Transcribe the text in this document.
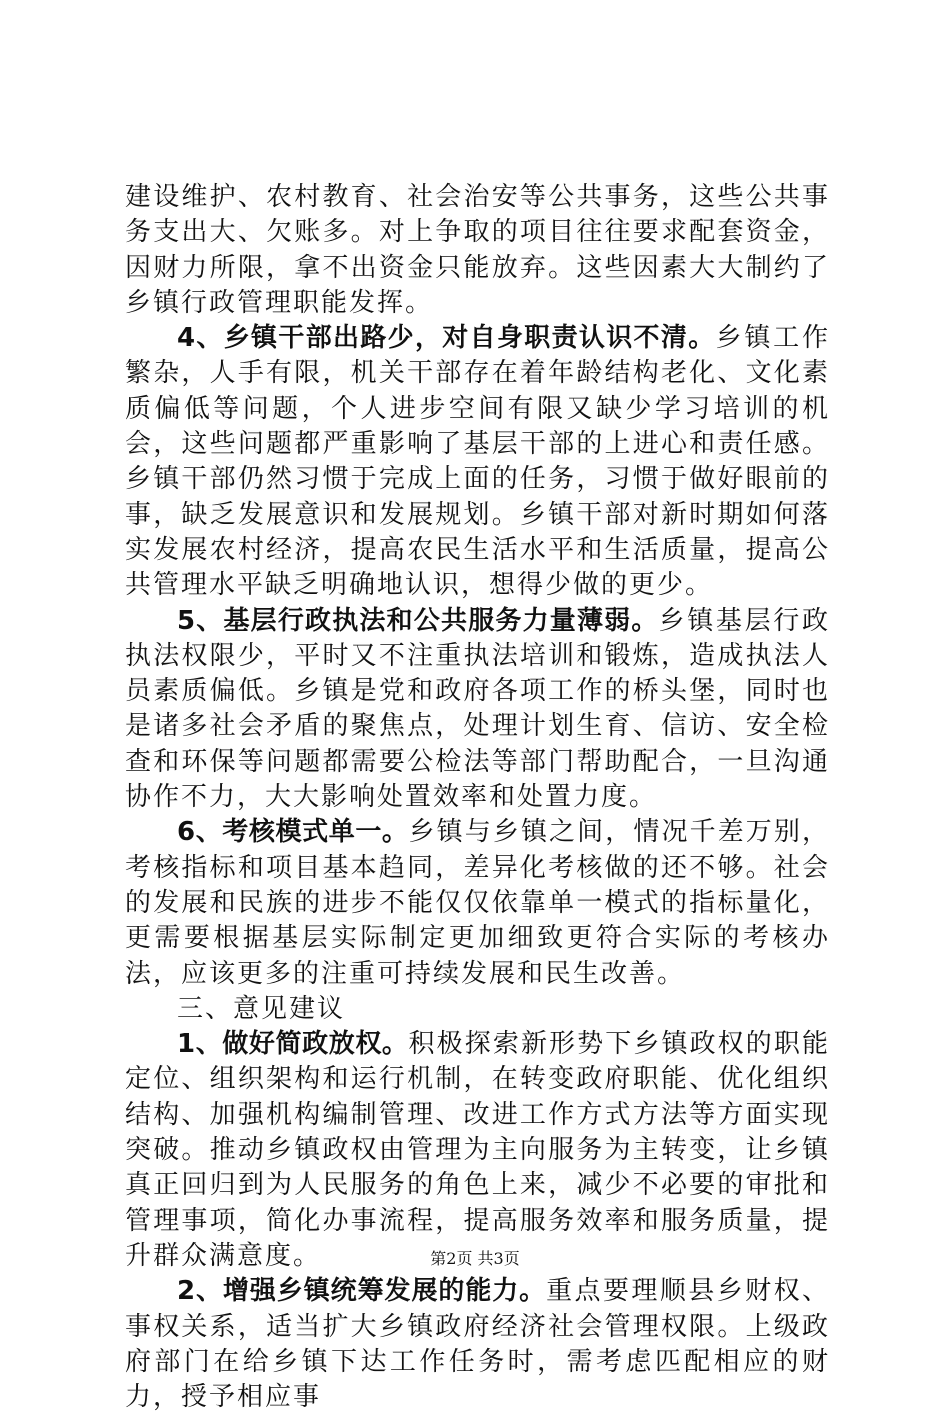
建设维护、农村教育、社会治安等公共事务，这些公共事务支出大、欠账多。对上争取的项目往往要求配套资金，因财力所限，拿不出资金只能放弃。这些因素大大制约了乡镇行政管理职能发挥。

4、乡镇干部出路少，对自身职责认识不清。乡镇工作繁杂，人手有限，机关干部存在着年龄结构老化、文化素质偏低等问题，个人进步空间有限又缺少学习培训的机会，这些问题都严重影响了基层干部的上进心和责任感。乡镇干部仍然习惯于完成上面的任务，习惯于做好眼前的事，缺乏发展意识和发展规划。乡镇干部对新时期如何落实发展农村经济，提高农民生活水平和生活质量，提高公共管理水平缺乏明确地认识，想得少做的更少。

5、基层行政执法和公共服务力量薄弱。乡镇基层行政执法权限少，平时又不注重执法培训和锻炼，造成执法人员素质偏低。乡镇是党和政府各项工作的桥头堡，同时也是诸多社会矛盾的聚焦点，处理计划生育、信访、安全检查和环保等问题都需要公检法等部门帮助配合，一旦沟通协作不力，大大影响处置效率和处置力度。

6、考核模式单一。乡镇与乡镇之间，情况千差万别，考核指标和项目基本趋同，差异化考核做的还不够。社会的发展和民族的进步不能仅仅依靠单一模式的指标量化，更需要根据基层实际制定更加细致更符合实际的考核办法，应该更多的注重可持续发展和民生改善。

三、意见建议

1、做好简政放权。积极探索新形势下乡镇政权的职能定位、组织架构和运行机制，在转变政府职能、优化组织结构、加强机构编制管理、改进工作方式方法等方面实现突破。推动乡镇政权由管理为主向服务为主转变，让乡镇真正回归到为人民服务的角色上来，减少不必要的审批和管理事项，简化办事流程，提高服务效率和服务质量，提升群众满意度。

2、增强乡镇统筹发展的能力。重点要理顺县乡财权、事权关系，适当扩大乡镇政府经济社会管理权限。上级政府部门在给乡镇下达工作任务时，需考虑匹配相应的财力，授予相应事

第2页 共3页
